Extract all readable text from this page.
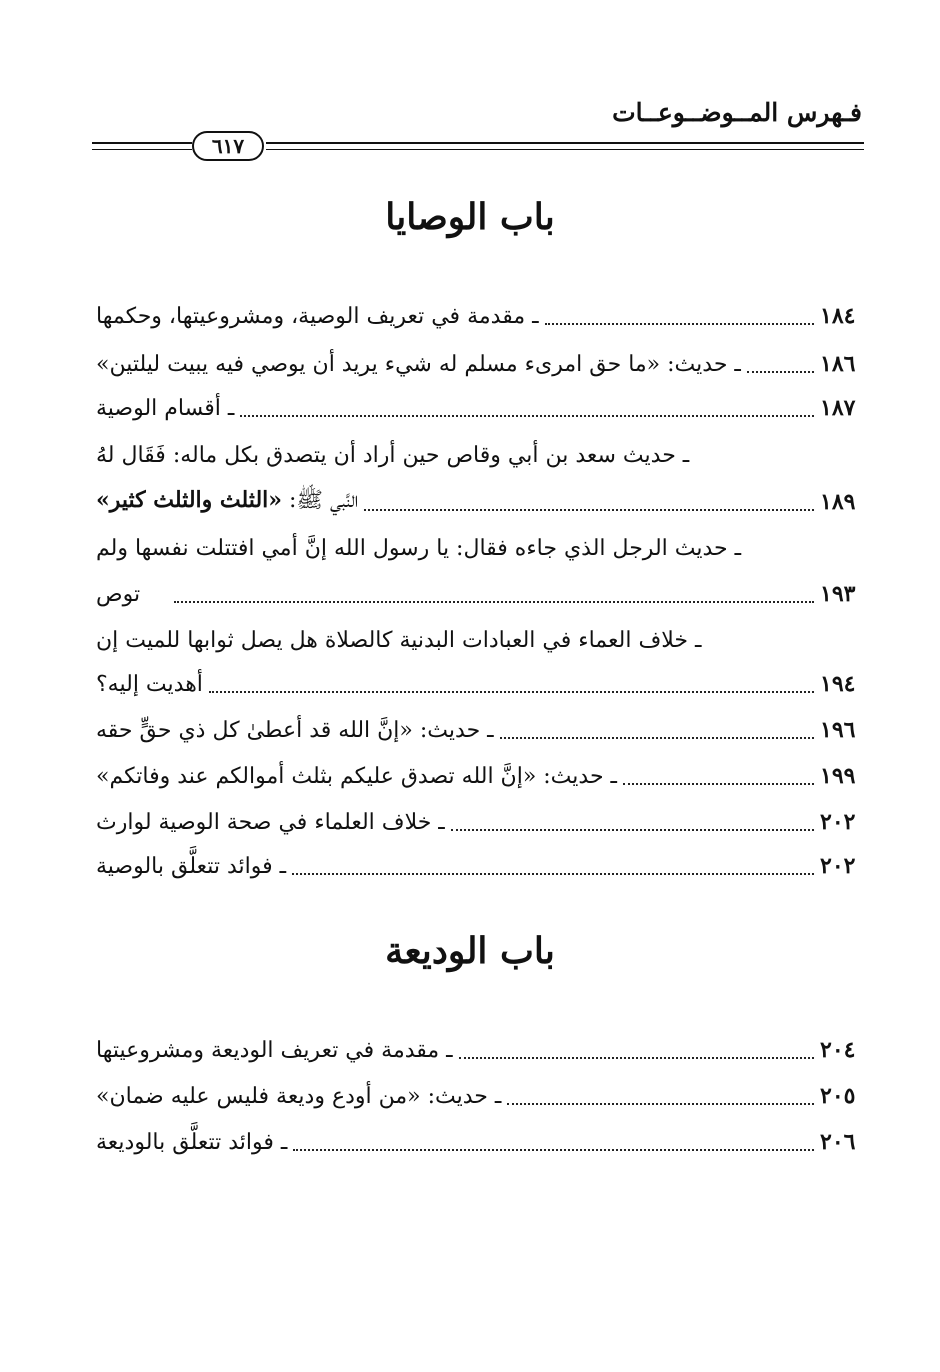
فـهرس المــوضــوعــات
٦١٧
باب الوصايا
ـ مقدمة في تعريف الوصية، ومشروعيتها، وحكمها	١٨٤
ـ حديث: «ما حق امرىء مسلم له شيء يريد أن يوصي فيه يبيت ليلتين»	١٨٦
ـ أقسام الوصية	١٨٧
ـ حديث سعد بن أبي وقاص حين أراد أن يتصدق بكل ماله: فَقَال لهُ
النَّبي ﷺ: «الثلث والثلث كثير»	١٨٩
ـ حديث الرجل الذي جاءه فقال: يا رسول الله إنَّ أمي افتتلت نفسها ولم
توص	١٩٣
ـ خلاف العماء في العبادات البدنية كالصلاة هل يصل ثوابها للميت إن
أهديت إليه؟	١٩٤
ـ حديث: «إنَّ الله قد أعطىٰ كل ذي حقٍّ حقه	١٩٦
ـ حديث: «إنَّ الله تصدق عليكم بثلث أموالكم عند وفاتكم»	١٩٩
ـ خلاف العلماء في صحة الوصية لوارث	٢٠٢
ـ فوائد تتعلَّق بالوصية	٢٠٢
باب الوديعة
ـ مقدمة في تعريف الوديعة ومشروعيتها	٢٠٤
ـ حديث: «من أودع وديعة فليس عليه ضمان»	٢٠٥
ـ فوائد تتعلَّق بالوديعة	٢٠٦
